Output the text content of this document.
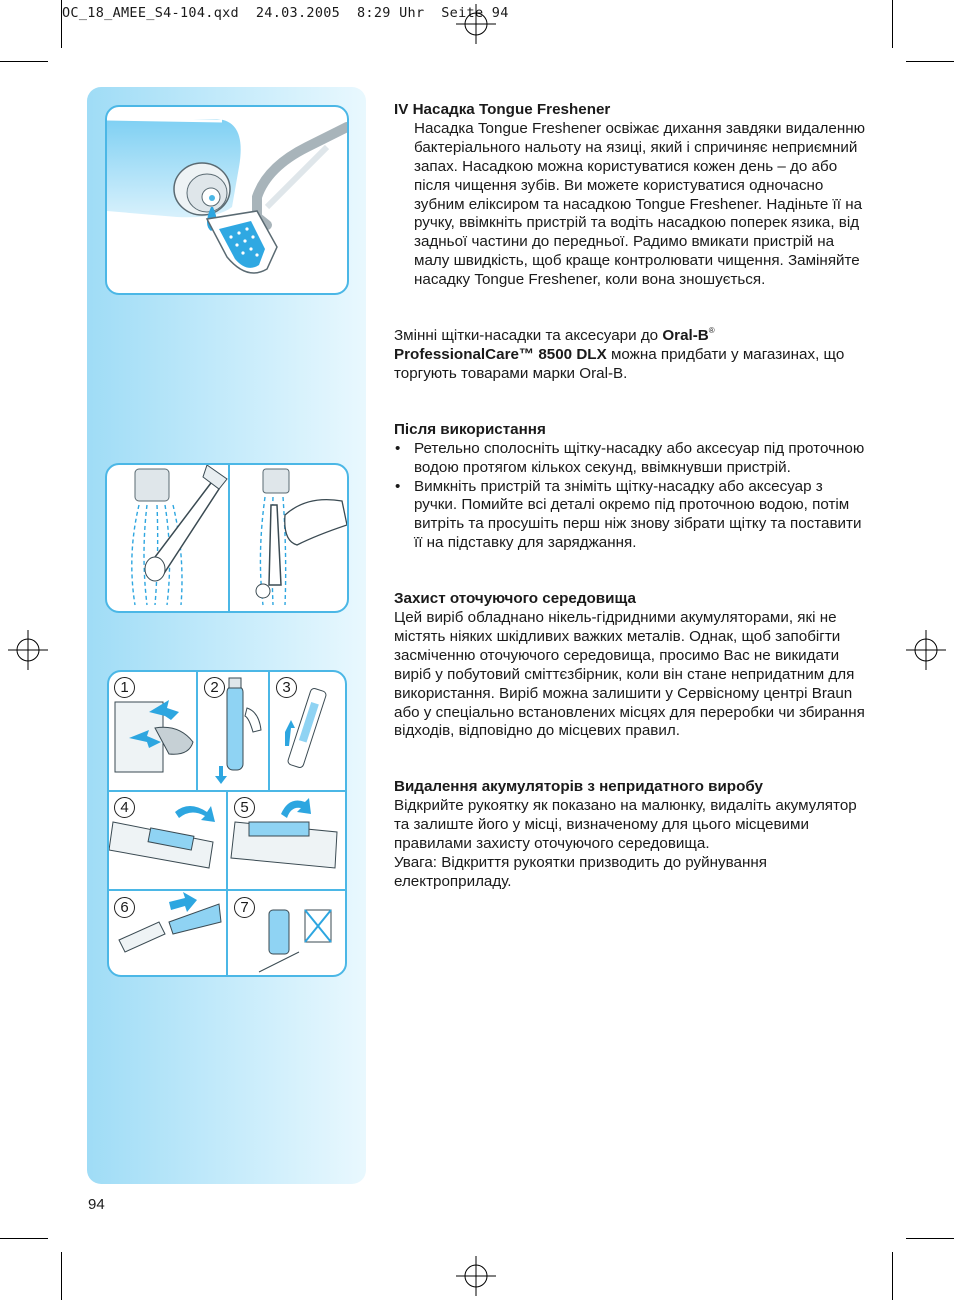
OC_18_AMEE_S4-104.qxd  24.03.2005  8:29 Uhr  Seite 94
1	2	3
4	5
6	7

IV Насадка Tongue Freshener

Насадка Tongue Freshener освіжає дихання завдяки видаленню бактеріального нальоту на язиці, який і спричиняє неприємний запах. Насадкою можна користуватися кожен день – до або після чищення зубів. Ви можете користуватися одночасно зубним еліксиром та насадкою Tongue Freshener. Надіньте її на ручку, ввімкніть пристрій та водіть насадкою поперек язика, від задньої частини до передньої. Радимо вмикати пристрій на малу швидкість, щоб краще контролювати чищення. Заміняйте насадку Tongue Freshener, коли вона зношується.

Змінні щітки-насадки та аксесуари до Oral-B®
ProfessionalCare™ 8500 DLX можна придбати у магазинах, що торгують товарами марки Oral-B.

Після використання

• Ретельно сполосніть щітку-насадку або аксесуар під проточною водою протягом кількох секунд, ввімкнувши пристрій.
• Вимкніть пристрій та зніміть щітку-насадку або аксесуар з ручки. Помийте всі деталі окремо під проточною водою, потім витріть та просушіть перш ніж знову зібрати щітку та поставити її на підставку для заряджання.

Захист оточуючого середовища

Цей виріб обладнано нікель-гідридними акумуляторами, які не містять ніяких шкідливих важких металів. Однак, щоб запобігти засміченню оточуючого середовища, просимо Вас не викидати виріб у побутовий сміттєзбірник, коли він стане непридатним для використання. Виріб можна залишити у Сервісному центрі Braun або у спеціально встановлених місцях для переробки чи збирання відходів, відповідно до місцевих правил.

Видалення акумуляторів з непридатного виробу

Відкрийте рукоятку як показано на малюнку, видаліть акумулятор та залиште його у місці, визначеному для цього місцевими правилами захисту оточуючого середовища.

Увага: Відкриття рукоятки призводить до руйнування електроприладу.

94
